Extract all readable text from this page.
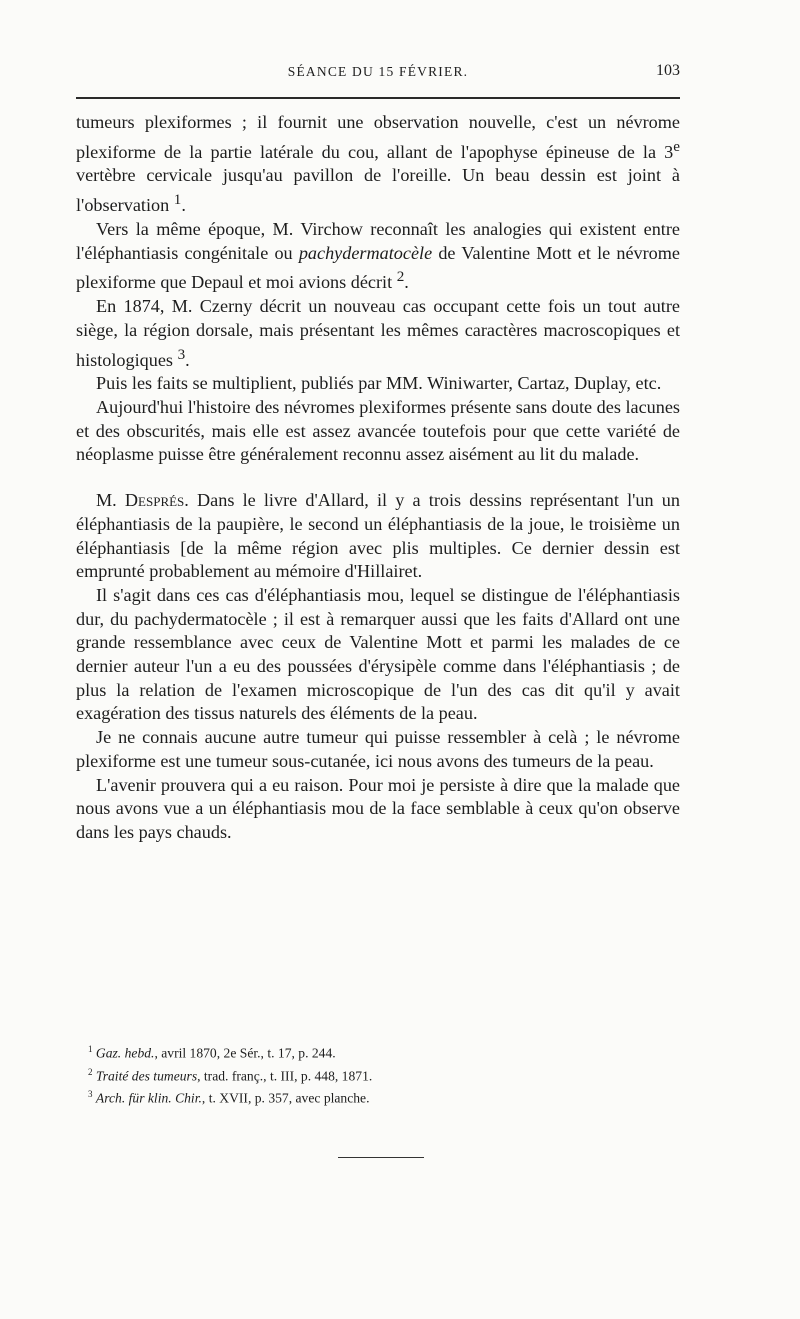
SÉANCE DU 15 FÉVRIER.	103

tumeurs plexiformes ; il fournit une observation nouvelle, c'est un névrome plexiforme de la partie latérale du cou, allant de l'apophyse épineuse de la 3e vertèbre cervicale jusqu'au pavillon de l'oreille. Un beau dessin est joint à l'observation $^1$.

Vers la même époque, M. Virchow reconnaît les analogies qui existent entre l'éléphantiasis congénitale ou pachydermatocèle de Valentine Mott et le névrome plexiforme que Depaul et moi avions décrit $^2$.

En 1874, M. Czerny décrit un nouveau cas occupant cette fois un tout autre siège, la région dorsale, mais présentant les mêmes caractères macroscopiques et histologiques $^3$.

Puis les faits se multiplient, publiés par MM. Winiwarter, Cartaz, Duplay, etc.

Aujourd'hui l'histoire des névromes plexiformes présente sans doute des lacunes et des obscurités, mais elle est assez avancée toutefois pour que cette variété de néoplasme puisse être généralement reconnu assez aisément au lit du malade.

M. Després. Dans le livre d'Allard, il y a trois dessins représentant l'un un éléphantiasis de la paupière, le second un éléphantiasis de la joue, le troisième un éléphantiasis [de la même région avec plis multiples. Ce dernier dessin est emprunté probablement au mémoire d'Hillairet.

Il s'agit dans ces cas d'éléphantiasis mou, lequel se distingue de l'éléphantiasis dur, du pachydermatocèle ; il est à remarquer aussi que les faits d'Allard ont une grande ressemblance avec ceux de Valentine Mott et parmi les malades de ce dernier auteur l'un a eu des poussées d'érysipèle comme dans l'éléphantiasis ; de plus la relation de l'examen microscopique de l'un des cas dit qu'il y avait exagération des tissus naturels des éléments de la peau.

Je ne connais aucune autre tumeur qui puisse ressembler à celà ; le névrome plexiforme est une tumeur sous-cutanée, ici nous avons des tumeurs de la peau.

L'avenir prouvera qui a eu raison. Pour moi je persiste à dire que la malade que nous avons vue a un éléphantiasis mou de la face semblable à ceux qu'on observe dans les pays chauds.

$^1$ Gaz. hebd., avril 1870, 2e Sér., t. 17, p. 244.

$^2$ Traité des tumeurs, trad. franç., t. III, p. 448, 1871.

$^3$ Arch. für klin. Chir., t. XVII, p. 357, avec planche.
